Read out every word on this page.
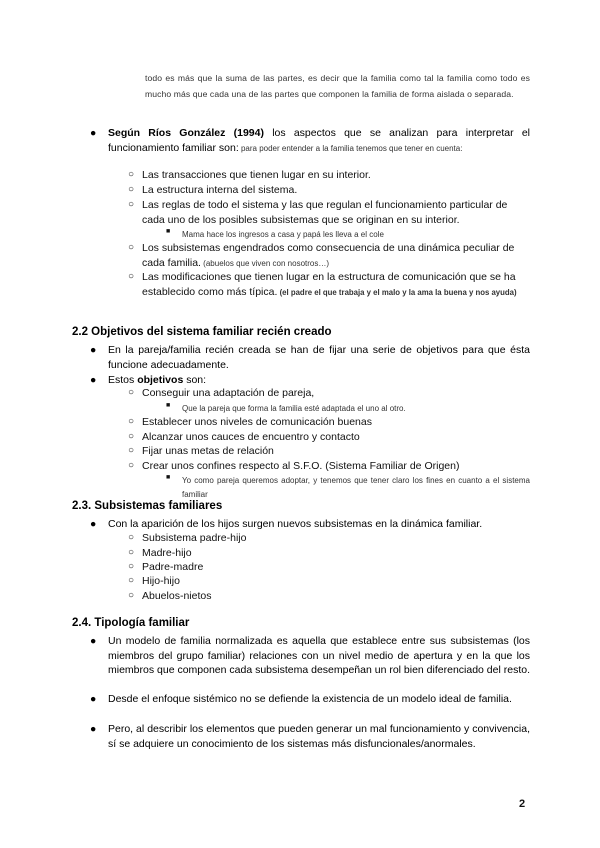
todo es más que la suma de las partes, es decir que la familia como tal la familia como todo es mucho más que cada una de las partes que componen la familia de forma aislada o separada.
● Según Ríos González (1994) los aspectos que se analizan para interpretar el funcionamiento familiar son: para poder entender a la familia tenemos que tener en cuenta:
○ Las transacciones que tienen lugar en su interior.
○ La estructura interna del sistema.
○ Las reglas de todo el sistema y las que regulan el funcionamiento particular de cada uno de los posibles subsistemas que se originan en su interior.
■ Mama hace los ingresos a casa y papá les lleva a el cole
○ Los subsistemas engendrados como consecuencia de una dinámica peculiar de cada familia. (abuelos que viven con nosotros…)
○ Las modificaciones que tienen lugar en la estructura de comunicación que se ha establecido como más típica. (el padre el que trabaja y el malo y la ama la buena y nos ayuda)
2.2 Objetivos del sistema familiar recién creado
● En la pareja/familia recién creada se han de fijar una serie de objetivos para que ésta funcione adecuadamente.
● Estos objetivos son:
○ Conseguir una adaptación de pareja,
■ Que la pareja que forma la familia esté adaptada el uno al otro.
○ Establecer unos niveles de comunicación buenas
○ Alcanzar unos cauces de encuentro y contacto
○ Fijar unas metas de relación
○ Crear unos confines respecto al S.F.O. (Sistema Familiar de Origen)
■ Yo como pareja queremos adoptar, y tenemos que tener claro los fines en cuanto a el sistema familiar
2.3. Subsistemas familiares
● Con la aparición de los hijos surgen nuevos subsistemas en la dinámica familiar.
○ Subsistema padre-hijo
○ Madre-hijo
○ Padre-madre
○ Hijo-hijo
○ Abuelos-nietos
2.4. Tipología familiar
● Un modelo de familia normalizada es aquella que establece entre sus subsistemas (los miembros del grupo familiar) relaciones con un nivel medio de apertura y en la que los miembros que componen cada subsistema desempeñan un rol bien diferenciado del resto.
● Desde el enfoque sistémico no se defiende la existencia de un modelo ideal de familia.
● Pero, al describir los elementos que pueden generar un mal funcionamiento y convivencia, sí se adquiere un conocimiento de los sistemas más disfuncionales/anormales.
2
